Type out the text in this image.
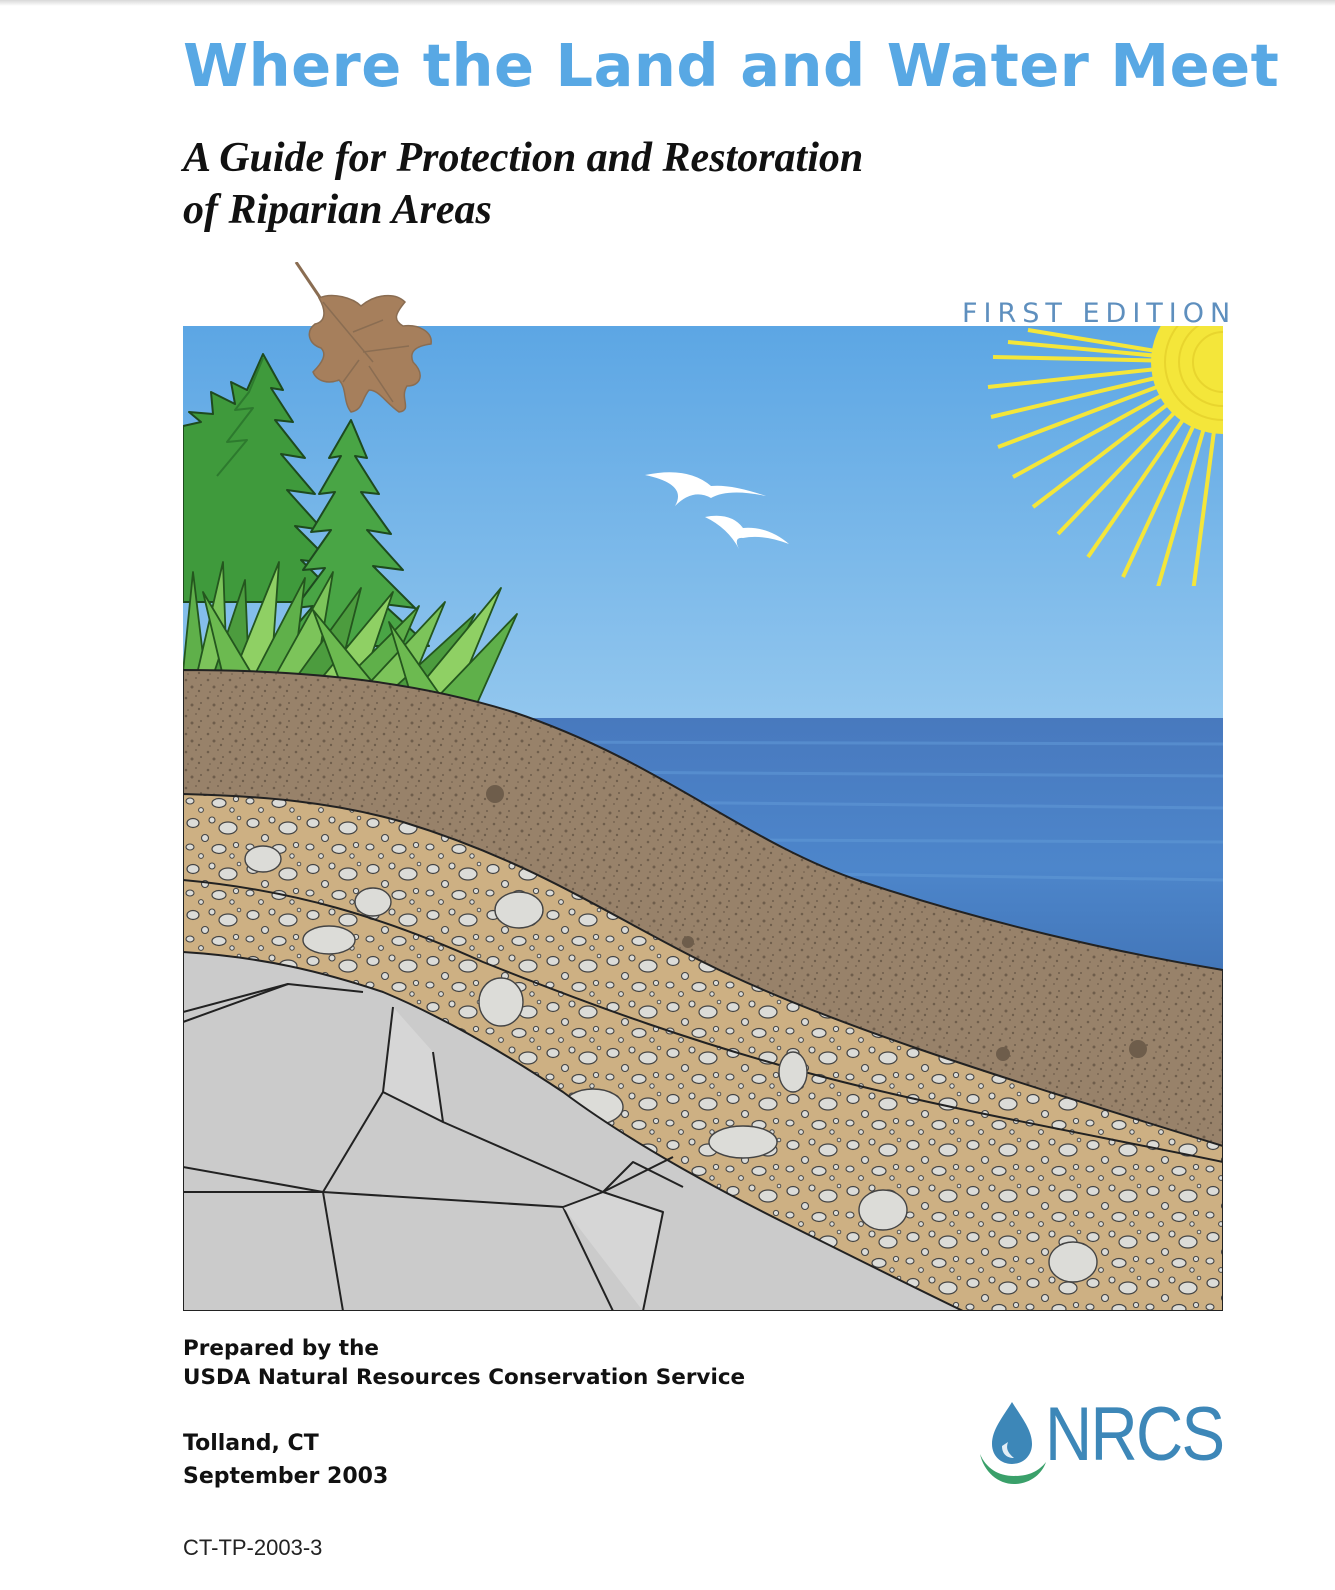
Where the Land and Water Meet
A Guide for Protection and Restoration
of Riparian Areas
FIRST EDITION
Prepared by the
USDA Natural Resources Conservation Service
Tolland, CT
September 2003
CT-TP-2003-3
NRCS
